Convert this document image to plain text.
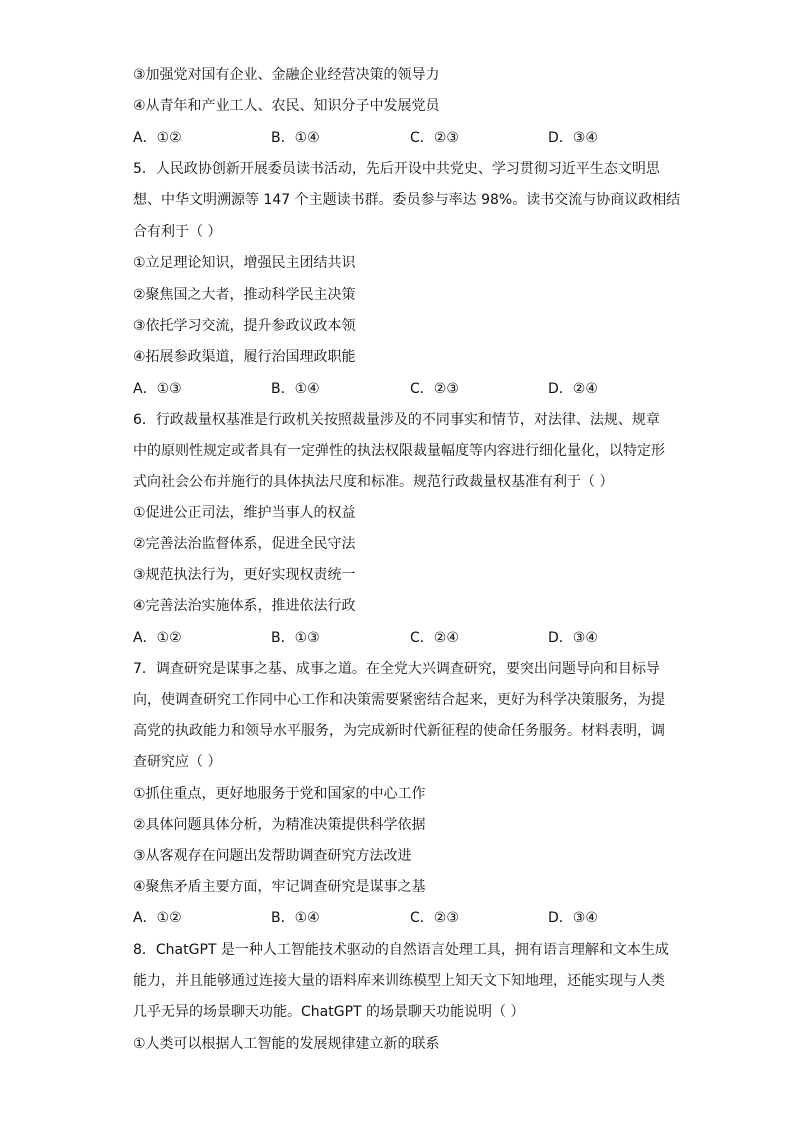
③加强党对国有企业、金融企业经营决策的领导力
④从青年和产业工人、农民、知识分子中发展党员
A．①②	B．①④	C．②③	D．③④
5．人民政协创新开展委员读书活动，先后开设中共党史、学习贯彻习近平生态文明思
想、中华文明溯源等 147 个主题读书群。委员参与率达 98%。读书交流与协商议政相结
合有利于（ ）
①立足理论知识，增强民主团结共识
②聚焦国之大者，推动科学民主决策
③依托学习交流，提升参政议政本领
④拓展参政渠道，履行治国理政职能
A．①③	B．①④	C．②③	D．②④
6．行政裁量权基准是行政机关按照裁量涉及的不同事实和情节，对法律、法规、规章
中的原则性规定或者具有一定弹性的执法权限裁量幅度等内容进行细化量化，以特定形
式向社会公布并施行的具体执法尺度和标准。规范行政裁量权基准有利于（ ）
①促进公正司法，维护当事人的权益
②完善法治监督体系，促进全民守法
③规范执法行为，更好实现权责统一
④完善法治实施体系，推进依法行政
A．①②	B．①③	C．②④	D．③④
7．调查研究是谋事之基、成事之道。在全党大兴调查研究，要突出问题导向和目标导
向，使调查研究工作同中心工作和决策需要紧密结合起来，更好为科学决策服务，为提
高党的执政能力和领导水平服务，为完成新时代新征程的使命任务服务。材料表明，调
查研究应（ ）
①抓住重点，更好地服务于党和国家的中心工作
②具体问题具体分析，为精准决策提供科学依据
③从客观存在问题出发帮助调查研究方法改进
④聚焦矛盾主要方面，牢记调查研究是谋事之基
A．①②	B．①④	C．②③	D．③④
8．ChatGPT 是一种人工智能技术驱动的自然语言处理工具，拥有语言理解和文本生成
能力，并且能够通过连接大量的语料库来训练模型上知天文下知地理，还能实现与人类
几乎无异的场景聊天功能。ChatGPT 的场景聊天功能说明（ ）
①人类可以根据人工智能的发展规律建立新的联系
